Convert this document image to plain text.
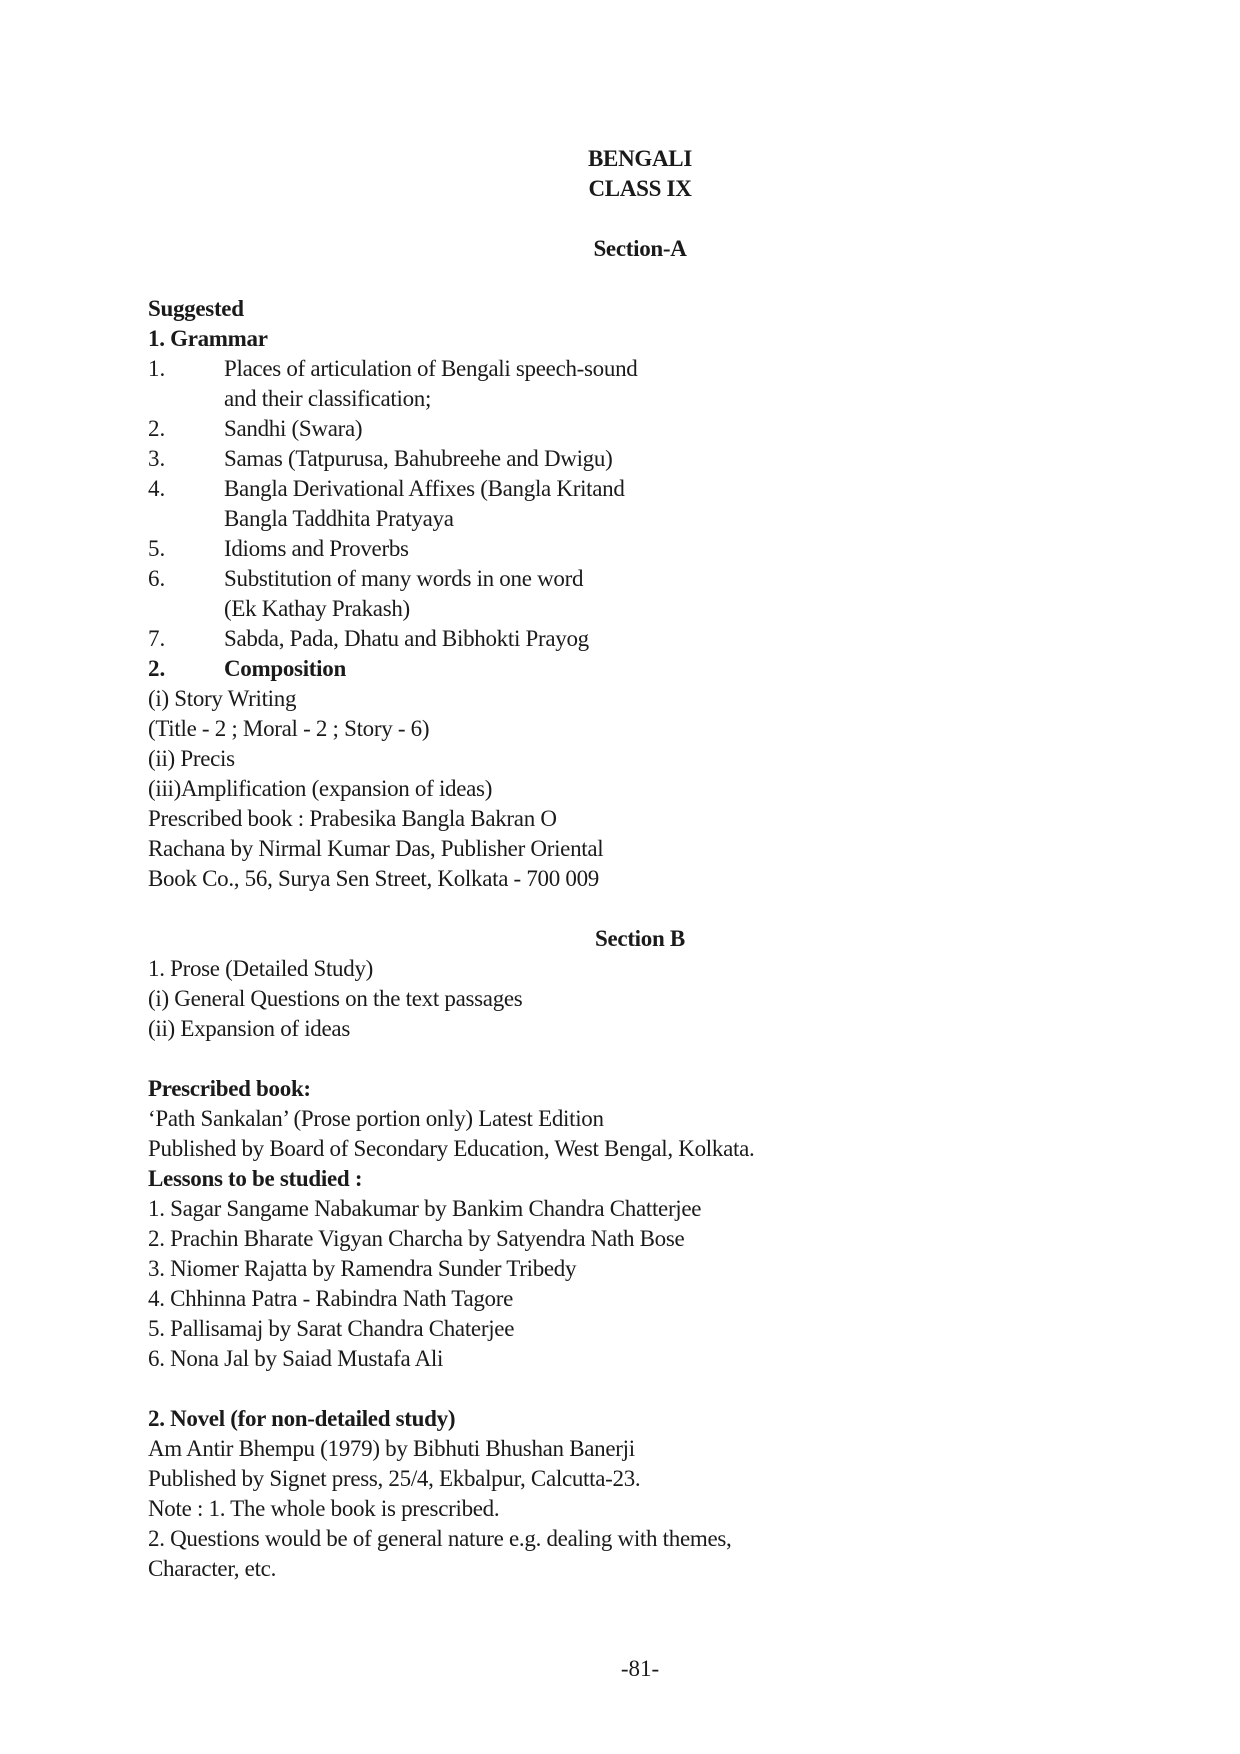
BENGALI
CLASS IX
Section-A
Suggested
1. Grammar
1.	Places of articulation of Bengali speech-sound
and their classification;
2.	Sandhi (Swara)
3.	Samas (Tatpurusa, Bahubreehe and Dwigu)
4.	Bangla Derivational Affixes (Bangla Kritand
Bangla Taddhita Pratyaya
5.	Idioms and Proverbs
6.	Substitution of many words in one word
(Ek Kathay Prakash)
7.	Sabda, Pada, Dhatu and Bibhokti Prayog
2.	Composition
(i) Story Writing
(Title - 2 ; Moral - 2 ; Story - 6)
(ii) Precis
(iii)Amplification (expansion of ideas)
Prescribed book : Prabesika Bangla Bakran O
Rachana by Nirmal Kumar Das, Publisher Oriental
Book Co., 56, Surya Sen Street, Kolkata - 700 009
Section B
1. Prose (Detailed Study)
(i) General Questions on the text passages
(ii) Expansion of ideas
Prescribed book:
‘Path Sankalan’ (Prose portion only) Latest Edition
Published by Board of Secondary Education, West Bengal, Kolkata.
Lessons to be studied :
1. Sagar Sangame Nabakumar by Bankim Chandra Chatterjee
2. Prachin Bharate Vigyan Charcha by Satyendra Nath Bose
3. Niomer Rajatta by Ramendra Sunder Tribedy
4. Chhinna Patra - Rabindra Nath Tagore
5. Pallisamaj by Sarat Chandra Chaterjee
6. Nona Jal by Saiad Mustafa Ali
2. Novel (for non-detailed study)
Am Antir Bhempu (1979) by Bibhuti Bhushan Banerji
Published by Signet press, 25/4, Ekbalpur, Calcutta-23.
Note : 1. The whole book is prescribed.
2. Questions would be of general nature e.g. dealing with themes,
Character, etc.
-81-
